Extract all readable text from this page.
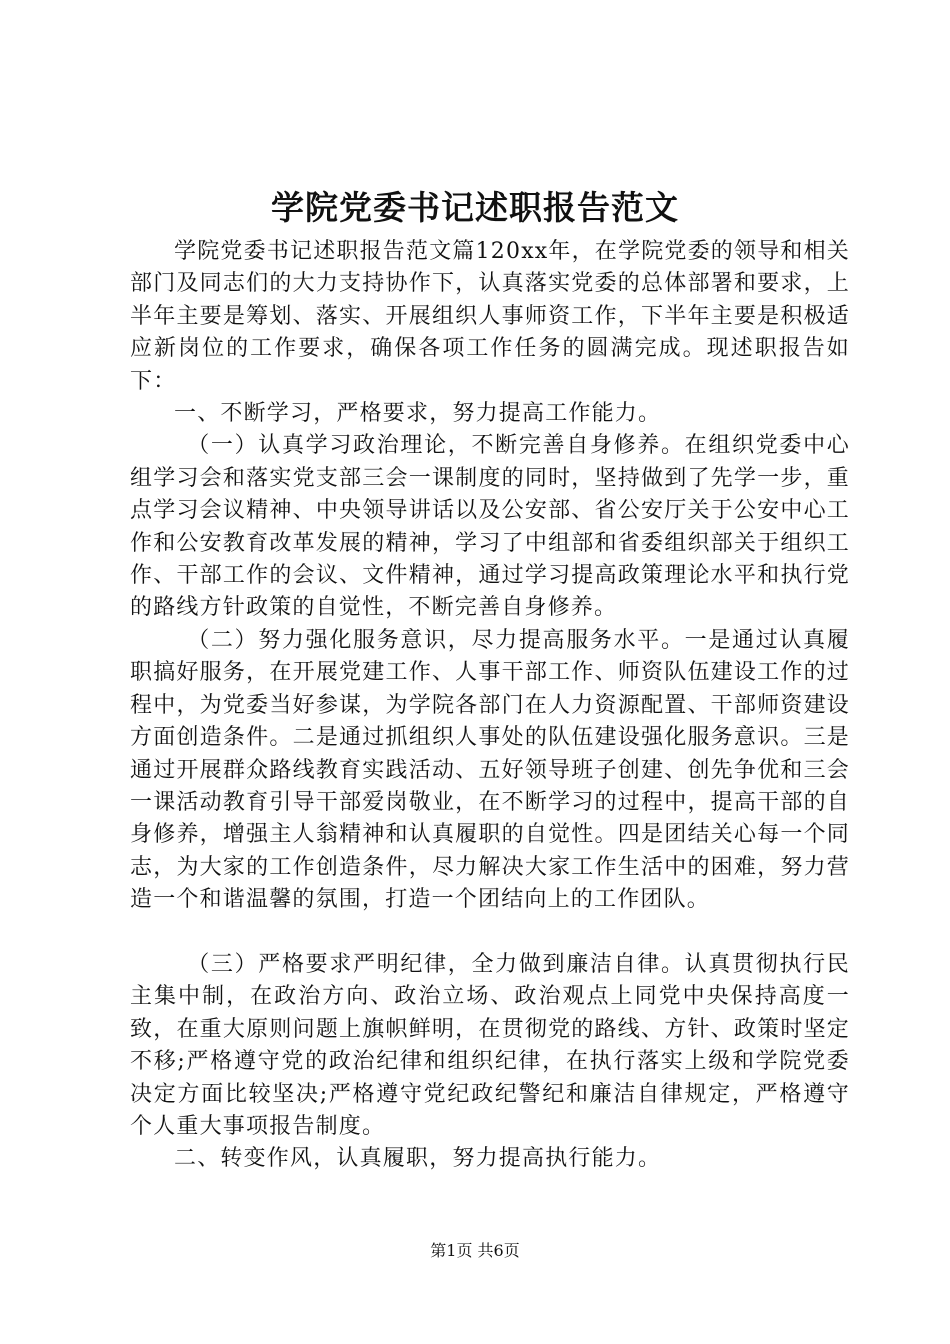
学院党委书记述职报告范文

学院党委书记述职报告范文篇120xx年，在学院党委的领导和相关部门及同志们的大力支持协作下，认真落实党委的总体部署和要求，上半年主要是筹划、落实、开展组织人事师资工作，下半年主要是积极适应新岗位的工作要求，确保各项工作任务的圆满完成。现述职报告如下：

一、不断学习，严格要求，努力提高工作能力。

（一）认真学习政治理论，不断完善自身修养。在组织党委中心组学习会和落实党支部三会一课制度的同时，坚持做到了先学一步，重点学习会议精神、中央领导讲话以及公安部、省公安厅关于公安中心工作和公安教育改革发展的精神，学习了中组部和省委组织部关于组织工作、干部工作的会议、文件精神，通过学习提高政策理论水平和执行党的路线方针政策的自觉性，不断完善自身修养。

（二）努力强化服务意识，尽力提高服务水平。一是通过认真履职搞好服务，在开展党建工作、人事干部工作、师资队伍建设工作的过程中，为党委当好参谋，为学院各部门在人力资源配置、干部师资建设方面创造条件。二是通过抓组织人事处的队伍建设强化服务意识。三是通过开展群众路线教育实践活动、五好领导班子创建、创先争优和三会一课活动教育引导干部爱岗敬业，在不断学习的过程中，提高干部的自身修养，增强主人翁精神和认真履职的自觉性。四是团结关心每一个同志，为大家的工作创造条件，尽力解决大家工作生活中的困难，努力营造一个和谐温馨的氛围，打造一个团结向上的工作团队。

（三）严格要求严明纪律，全力做到廉洁自律。认真贯彻执行民主集中制，在政治方向、政治立场、政治观点上同党中央保持高度一致，在重大原则问题上旗帜鲜明，在贯彻党的路线、方针、政策时坚定不移;严格遵守党的政治纪律和组织纪律，在执行落实上级和学院党委决定方面比较坚决;严格遵守党纪政纪警纪和廉洁自律规定，严格遵守个人重大事项报告制度。

二、转变作风，认真履职，努力提高执行能力。

第1页 共6页
